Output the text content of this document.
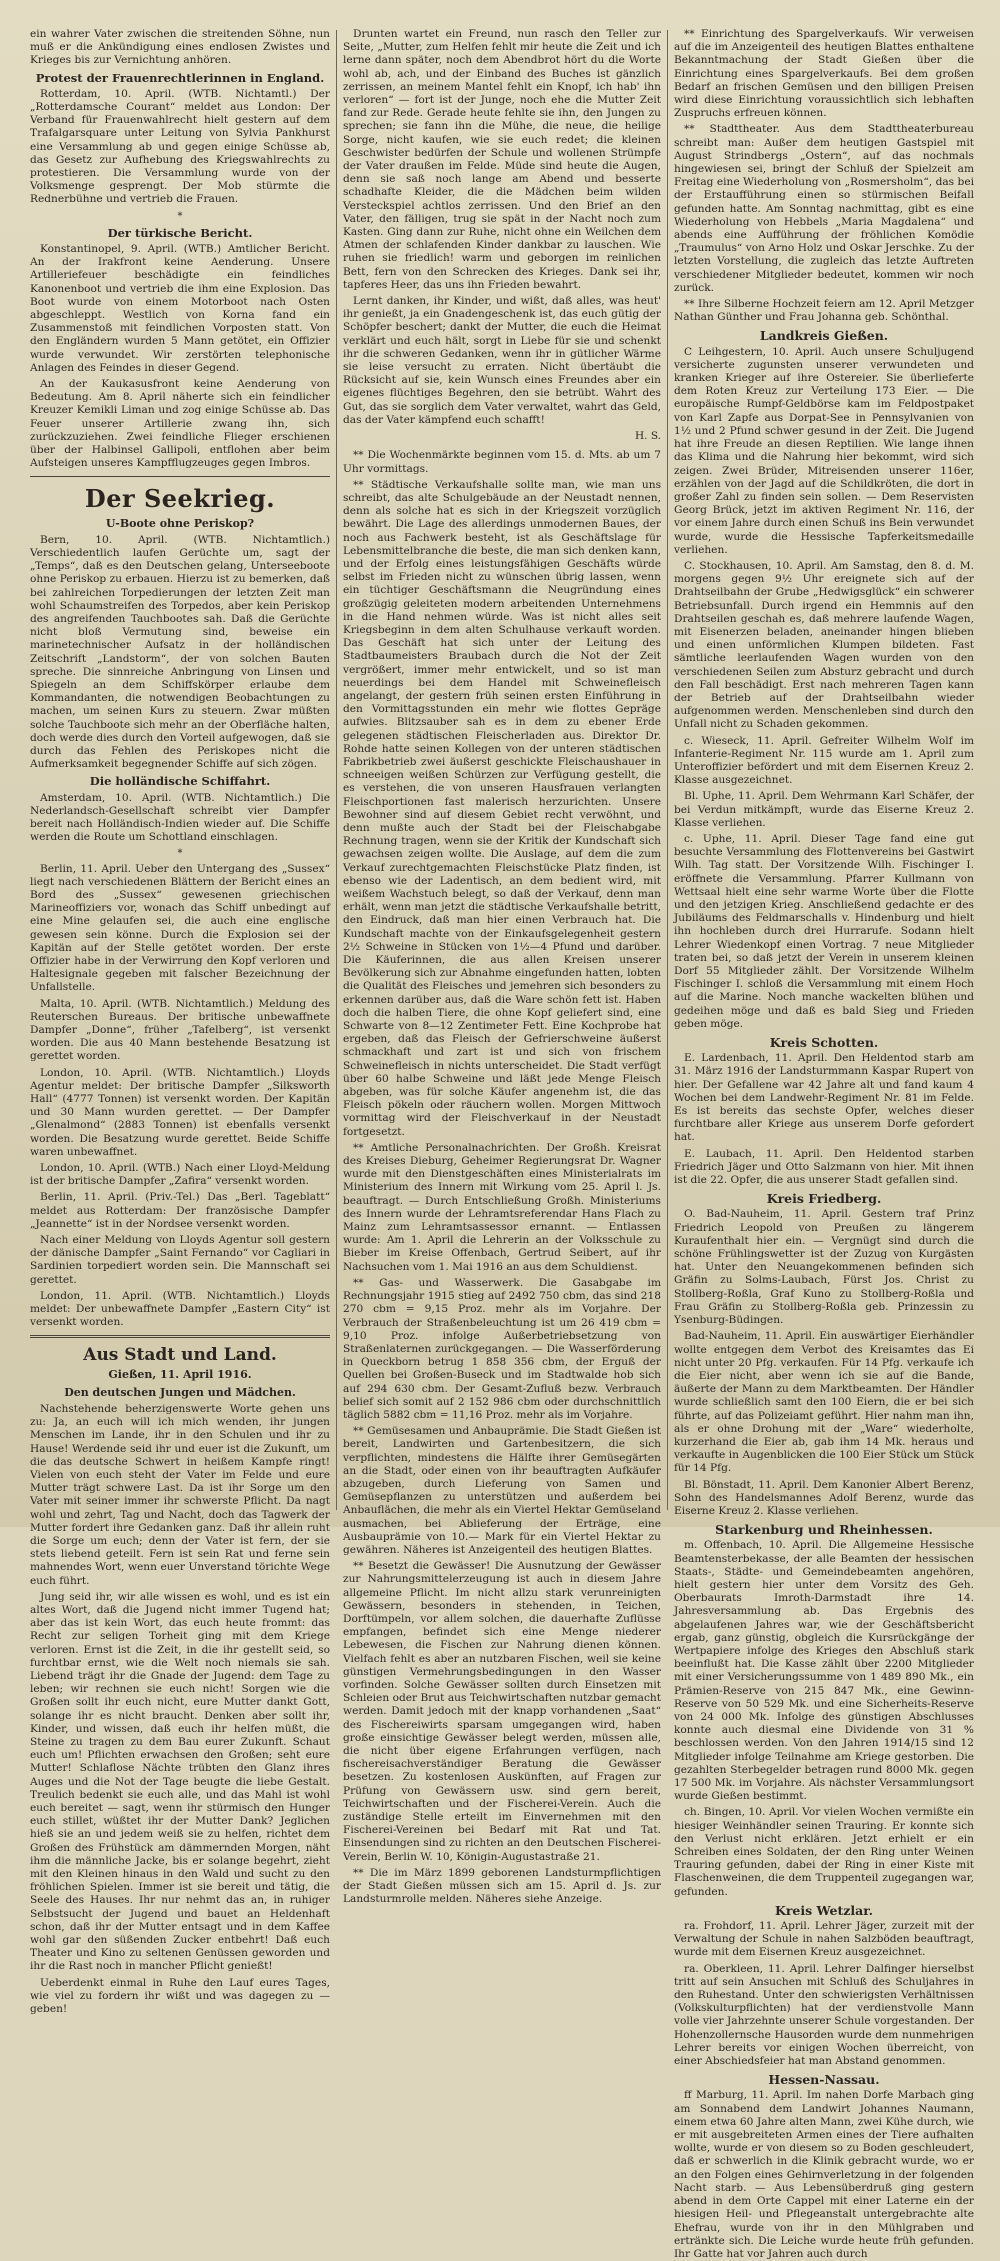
ein wahrer Vater zwischen die streitenden Söhne, nun muß er die Ankündigung eines endlosen Zwistes und Krieges bis zur Vernichtung anhören.

Protest der Frauenrechtlerinnen in England.

Rotterdam, 10. April. (WTB. Nichtamtl.) Der „Rotterdamsche Courant“ meldet aus London: Der Verband für Frauenwahlrecht hielt gestern auf dem Trafalgarsquare unter Leitung von Sylvia Pankhurst eine Versammlung ab und gegen einige Schüsse ab, das Gesetz zur Aufhebung des Kriegswahlrechts zu protestieren. Die Versammlung wurde von der Volksmenge gesprengt. Der Mob stürmte die Rednerbühne und vertrieb die Frauen.

*
Der türkische Bericht.

Konstantinopel, 9. April. (WTB.) Amtlicher Bericht. An der Irakfront keine Aenderung. Unsere Artilleriefeuer beschädigte ein feindliches Kanonenboot und vertrieb die ihm eine Explosion. Das Boot wurde von einem Motorboot nach Osten abgeschleppt. Westlich von Korna fand ein Zusammenstoß mit feindlichen Vorposten statt. Von den Engländern wurden 5 Mann getötet, ein Offizier wurde verwundet. Wir zerstörten telephonische Anlagen des Feindes in dieser Gegend.

An der Kaukasusfront keine Aenderung von Bedeutung. Am 8. April näherte sich ein feindlicher Kreuzer Kemikli Liman und zog einige Schüsse ab. Das Feuer unserer Artillerie zwang ihn, sich zurückzuziehen. Zwei feindliche Flieger erschienen über der Halbinsel Gallipoli, entflohen aber beim Aufsteigen unseres Kampfflugzeuges gegen Imbros.

Der Seekrieg.
U-Boote ohne Periskop?

Bern, 10. April. (WTB. Nichtamtlich.) Verschiedentlich laufen Gerüchte um, sagt der „Temps“, daß es den Deutschen gelang, Unterseeboote ohne Periskop zu erbauen. Hierzu ist zu bemerken, daß bei zahlreichen Torpedierungen der letzten Zeit man wohl Schaumstreifen des Torpedos, aber kein Periskop des angreifenden Tauchbootes sah. Daß die Gerüchte nicht bloß Vermutung sind, beweise ein marinetechnischer Aufsatz in der holländischen Zeitschrift „Landstorm“, der von solchen Bauten spreche. Die sinnreiche Anbringung von Linsen und Spiegeln an dem Schiffskörper erlaube dem Kommandanten, die notwendigen Beobachtungen zu machen, um seinen Kurs zu steuern. Zwar müßten solche Tauchboote sich mehr an der Oberfläche halten, doch werde dies durch den Vorteil aufgewogen, daß sie durch das Fehlen des Periskopes nicht die Aufmerksamkeit begegnender Schiffe auf sich zögen.

Die holländische Schiffahrt.

Amsterdam, 10. April. (WTB. Nichtamtlich.) Die Nederlandsch-Gesellschaft schreibt vier Dampfer bereit nach Holländisch-Indien wieder auf. Die Schiffe werden die Route um Schottland einschlagen.

*

Berlin, 11. April. Ueber den Untergang des „Sussex“ liegt nach verschiedenen Blättern der Bericht eines an Bord des „Sussex“ gewesenen griechischen Marineoffiziers vor, wonach das Schiff unbedingt auf eine Mine gelaufen sei, die auch eine englische gewesen sein könne. Durch die Explosion sei der Kapitän auf der Stelle getötet worden. Der erste Offizier habe in der Verwirrung den Kopf verloren und Haltesignale gegeben mit falscher Bezeichnung der Unfallstelle.

Malta, 10. April. (WTB. Nichtamtlich.) Meldung des Reuterschen Bureaus. Der britische unbewaffnete Dampfer „Donne“, früher „Tafelberg“, ist versenkt worden. Die aus 40 Mann bestehende Besatzung ist gerettet worden.

London, 10. April. (WTB. Nichtamtlich.) Lloyds Agentur meldet: Der britische Dampfer „Silksworth Hall“ (4777 Tonnen) ist versenkt worden. Der Kapitän und 30 Mann wurden gerettet. — Der Dampfer „Glenalmond“ (2883 Tonnen) ist ebenfalls versenkt worden. Die Besatzung wurde gerettet. Beide Schiffe waren unbewaffnet.

London, 10. April. (WTB.) Nach einer Lloyd-Meldung ist der britische Dampfer „Zafira“ versenkt worden.

Berlin, 11. April. (Priv.-Tel.) Das „Berl. Tageblatt“ meldet aus Rotterdam: Der französische Dampfer „Jeannette“ ist in der Nordsee versenkt worden.

Nach einer Meldung von Lloyds Agentur soll gestern der dänische Dampfer „Saint Fernando“ vor Cagliari in Sardinien torpediert worden sein. Die Mannschaft sei gerettet.

London, 11. April. (WTB. Nichtamtlich.) Lloyds meldet: Der unbewaffnete Dampfer „Eastern City“ ist versenkt worden.

Aus Stadt und Land.
Gießen, 11. April 1916.
Den deutschen Jungen und Mädchen.

Nachstehende beherzigenswerte Worte gehen uns zu: Ja, an euch will ich mich wenden, ihr jungen Menschen im Lande, ihr in den Schulen und ihr zu Hause! Werdende seid ihr und euer ist die Zukunft, um die das deutsche Schwert in heißem Kampfe ringt! Vielen von euch steht der Vater im Felde und eure Mutter trägt schwere Last. Da ist ihr Sorge um den Vater mit seiner immer ihr schwerste Pflicht. Da nagt wohl und zehrt, Tag und Nacht, doch das Tagwerk der Mutter fordert ihre Gedanken ganz. Daß ihr allein ruht die Sorge um euch; denn der Vater ist fern, der sie stets liebend geteilt. Fern ist sein Rat und ferne sein mahnendes Wort, wenn euer Unverstand törichte Wege euch führt.

Jung seid ihr, wir alle wissen es wohl, und es ist ein altes Wort, daß die Jugend nicht immer Tugend hat; aber das ist kein Wort, das euch heute frommt: das Recht zur seligen Torheit ging mit dem Kriege verloren. Ernst ist die Zeit, in die ihr gestellt seid, so furchtbar ernst, wie die Welt noch niemals sie sah. Liebend trägt ihr die Gnade der Jugend: dem Tage zu leben; wir rechnen sie euch nicht! Sorgen wie die Großen sollt ihr euch nicht, eure Mutter dankt Gott, solange ihr es nicht braucht. Denken aber sollt ihr, Kinder, und wissen, daß euch ihr helfen müßt, die Steine zu tragen zu dem Bau eurer Zukunft. Schaut euch um! Pflichten erwachsen den Großen; seht eure Mutter! Schlaflose Nächte trübten den Glanz ihres Auges und die Not der Tage beugte die liebe Gestalt. Treulich bedenkt sie euch alle, und das Mahl ist wohl euch bereitet — sagt, wenn ihr stürmisch den Hunger euch stillet, wüßtet ihr der Mutter Dank? Jeglichen hieß sie an und jedem weiß sie zu helfen, richtet dem Großen des Frühstück am dämmernden Morgen, näht ihm die männliche Jacke, bis er solange begehrt, zieht mit den Kleinen hinaus in den Wald und sucht zu den fröhlichen Spielen. Immer ist sie bereit und tätig, die Seele des Hauses. Ihr nur nehmt das an, in ruhiger Selbstsucht der Jugend und bauet an Heldenhaft schon, daß ihr der Mutter entsagt und in dem Kaffee wohl gar den süßenden Zucker entbehrt! Daß euch Theater und Kino zu seltenen Genüssen geworden und ihr die Rast noch in mancher Pflicht genießt!

Ueberdenkt einmal in Ruhe den Lauf eures Tages, wie viel zu fordern ihr wißt und was dagegen zu — geben!

Drunten wartet ein Freund, nun rasch den Teller zur Seite, „Mutter, zum Helfen fehlt mir heute die Zeit und ich lerne dann später, noch dem Abendbrot hört du die Worte wohl ab, ach, und der Einband des Buches ist gänzlich zerrissen, an meinem Mantel fehlt ein Knopf, ich hab' ihn verloren“ — fort ist der Junge, noch ehe die Mutter Zeit fand zur Rede. Gerade heute fehlte sie ihn, den Jungen zu sprechen; sie fann ihn die Mühe, die neue, die heilige Sorge, nicht kaufen, wie sie euch redet; die kleinen Geschwister bedürfen der Schule und wollenen Strümpfe der Vater draußen im Felde. Müde sind heute die Augen, denn sie saß noch lange am Abend und besserte schadhafte Kleider, die die Mädchen beim wilden Versteckspiel achtlos zerrissen. Und den Brief an den Vater, den fälligen, trug sie spät in der Nacht noch zum Kasten. Ging dann zur Ruhe, nicht ohne ein Weilchen dem Atmen der schlafenden Kinder dankbar zu lauschen. Wie ruhen sie friedlich! warm und geborgen im reinlichen Bett, fern von den Schrecken des Krieges. Dank sei ihr, tapferes Heer, das uns ihn Frieden bewahrt.

Lernt danken, ihr Kinder, und wißt, daß alles, was heut' ihr genießt, ja ein Gnadengeschenk ist, das euch gütig der Schöpfer beschert; dankt der Mutter, die euch die Heimat verklärt und euch hält, sorgt in Liebe für sie und schenkt ihr die schweren Gedanken, wenn ihr in gütlicher Wärme sie leise versucht zu erraten. Nicht übertäubt die Rücksicht auf sie, kein Wunsch eines Freundes aber ein eigenes flüchtiges Begehren, den sie betrübt. Wahrt des Gut, das sie sorglich dem Vater verwaltet, wahrt das Geld, das der Vater kämpfend euch schafft!

H. S.

** Die Wochenmärkte beginnen vom 15. d. Mts. ab um 7 Uhr vormittags.

** Städtische Verkaufshalle sollte man, wie man uns schreibt, das alte Schulgebäude an der Neustadt nennen, denn als solche hat es sich in der Kriegszeit vorzüglich bewährt. Die Lage des allerdings unmodernen Baues, der noch aus Fachwerk besteht, ist als Geschäftslage für Lebensmittelbranche die beste, die man sich denken kann, und der Erfolg eines leistungsfähigen Geschäfts würde selbst im Frieden nicht zu wünschen übrig lassen, wenn ein tüchtiger Geschäftsmann die Neugründung eines großzügig geleiteten modern arbeitenden Unternehmens in die Hand nehmen würde. Was ist nicht alles seit Kriegsbeginn in dem alten Schulhause verkauft worden. Das Geschäft hat sich unter der Leitung des Stadtbaumeisters Braubach durch die Not der Zeit vergrößert, immer mehr entwickelt, und so ist man neuerdings bei dem Handel mit Schweinefleisch angelangt, der gestern früh seinen ersten Einführung in den Vormittagsstunden ein mehr wie flottes Gepräge aufwies. Blitzsauber sah es in dem zu ebener Erde gelegenen städtischen Fleischerladen aus. Direktor Dr. Rohde hatte seinen Kollegen von der unteren städtischen Fabrikbetrieb zwei äußerst geschickte Fleischaushauer in schneeigen weißen Schürzen zur Verfügung gestellt, die es verstehen, die von unseren Hausfrauen verlangten Fleischportionen fast malerisch herzurichten. Unsere Bewohner sind auf diesem Gebiet recht verwöhnt, und denn mußte auch der Stadt bei der Fleischabgabe Rechnung tragen, wenn sie der Kritik der Kundschaft sich gewachsen zeigen wollte. Die Auslage, auf dem die zum Verkauf zurechtgemachten Fleischstücke Platz finden, ist ebenso wie der Ladentisch, an dem bedient wird, mit weißem Wachstuch belegt, so daß der Verkauf, denn man erhält, wenn man jetzt die städtische Verkaufshalle betritt, den Eindruck, daß man hier einen Verbrauch hat. Die Kundschaft machte von der Einkaufsgelegenheit gestern 2½ Schweine in Stücken von 1½—4 Pfund und darüber. Die Käuferinnen, die aus allen Kreisen unserer Bevölkerung sich zur Abnahme eingefunden hatten, lobten die Qualität des Fleisches und jemehren sich besonders zu erkennen darüber aus, daß die Ware schön fett ist. Haben doch die halben Tiere, die ohne Kopf geliefert sind, eine Schwarte von 8—12 Zentimeter Fett. Eine Kochprobe hat ergeben, daß das Fleisch der Gefrierschweine äußerst schmackhaft und zart ist und sich von frischem Schweinefleisch in nichts unterscheidet. Die Stadt verfügt über 60 halbe Schweine und läßt jede Menge Fleisch abgeben, was für solche Käufer angenehm ist, die das Fleisch pökeln oder räuchern wollen. Morgen Mittwoch vormittag wird der Fleischverkauf in der Neustadt fortgesetzt.

** Amtliche Personalnachrichten. Der Großh. Kreisrat des Kreises Dieburg, Geheimer Regierungsrat Dr. Wagner wurde mit den Dienstgeschäften eines Ministerialrats im Ministerium des Innern mit Wirkung vom 25. April l. Js. beauftragt. — Durch Entschließung Großh. Ministeriums des Innern wurde der Lehramtsreferendar Hans Flach zu Mainz zum Lehramtsassessor ernannt. — Entlassen wurde: Am 1. April die Lehrerin an der Volksschule zu Bieber im Kreise Offenbach, Gertrud Seibert, auf ihr Nachsuchen vom 1. Mai 1916 an aus dem Schuldienst.

** Gas- und Wasserwerk. Die Gasabgabe im Rechnungsjahr 1915 stieg auf 2492 750 cbm, das sind 218 270 cbm = 9,15 Proz. mehr als im Vorjahre. Der Verbrauch der Straßenbeleuchtung ist um 26 419 cbm = 9,10 Proz. infolge Außerbetriebsetzung von Straßenlaternen zurückgegangen. — Die Wasserförderung in Queckborn betrug 1 858 356 cbm, der Erguß der Quellen bei Großen-Buseck und im Stadtwalde hob sich auf 294 630 cbm. Der Gesamt-Zufluß bezw. Verbrauch belief sich somit auf 2 152 986 cbm oder durchschnittlich täglich 5882 cbm = 11,16 Proz. mehr als im Vorjahre.

** Gemüsesamen und Anbauprämie. Die Stadt Gießen ist bereit, Landwirten und Gartenbesitzern, die sich verpflichten, mindestens die Hälfte ihrer Gemüsegärten an die Stadt, oder einen von ihr beauftragten Aufkäufer abzugeben, durch Lieferung von Samen und Gemüsepflanzen zu unterstützen und außerdem bei Anbauflächen, die mehr als ein Viertel Hektar Gemüseland ausmachen, bei Ablieferung der Erträge, eine Ausbauprämie von 10.— Mark für ein Viertel Hektar zu gewähren. Näheres ist Anzeigenteil des heutigen Blattes.

** Besetzt die Gewässer! Die Ausnutzung der Gewässer zur Nahrungsmittelerzeugung ist auch in diesem Jahre allgemeine Pflicht. Im nicht allzu stark verunreinigten Gewässern, besonders in stehenden, in Teichen, Dorftümpeln, vor allem solchen, die dauerhafte Zuflüsse empfangen, befindet sich eine Menge niederer Lebewesen, die Fischen zur Nahrung dienen können. Vielfach fehlt es aber an nutzbaren Fischen, weil sie keine günstigen Vermehrungsbedingungen in den Wasser vorfinden. Solche Gewässer sollten durch Einsetzen mit Schleien oder Brut aus Teichwirtschaften nutzbar gemacht werden. Damit jedoch mit der knapp vorhandenen „Saat“ des Fischereiwirts sparsam umgegangen wird, haben große einsichtige Gewässer belegt werden, müssen alle, die nicht über eigene Erfahrungen verfügen, nach fischereisachverständiger Beratung die Gewässer besetzen. Zu kostenlosen Auskünften, auf Fragen zur Prüfung von Gewässern usw. sind gern bereit, Teichwirtschaften und der Fischerei-Verein. Auch die zuständige Stelle erteilt im Einvernehmen mit den Fischerei-Vereinen bei Bedarf mit Rat und Tat. Einsendungen sind zu richten an den Deutschen Fischerei-Verein, Berlin W. 10, Königin-Augustastraße 21.

** Die im März 1899 geborenen Landsturmpflichtigen der Stadt Gießen müssen sich am 15. April d. Js. zur Landsturmrolle melden. Näheres siehe Anzeige.

** Einrichtung des Spargelverkaufs. Wir verweisen auf die im Anzeigenteil des heutigen Blattes enthaltene Bekanntmachung der Stadt Gießen über die Einrichtung eines Spargelverkaufs. Bei dem großen Bedarf an frischen Gemüsen und den billigen Preisen wird diese Einrichtung voraussichtlich sich lebhaften Zuspruchs erfreuen können.

** Stadttheater. Aus dem Stadttheaterbureau schreibt man: Außer dem heutigen Gastspiel mit August Strindbergs „Ostern“, auf das nochmals hingewiesen sei, bringt der Schluß der Spielzeit am Freitag eine Wiederholung von „Rosmersholm“, das bei der Erstaufführung einen so stürmischen Beifall gefunden hatte. Am Sonntag nachmittag, gibt es eine Wiederholung von Hebbels „Maria Magdalena“ und abends eine Aufführung der fröhlichen Komödie „Traumulus“ von Arno Holz und Oskar Jerschke. Zu der letzten Vorstellung, die zugleich das letzte Auftreten verschiedener Mitglieder bedeutet, kommen wir noch zurück.

** Ihre Silberne Hochzeit feiern am 12. April Metzger Nathan Günther und Frau Johanna geb. Schönthal.

Landkreis Gießen.

C Leihgestern, 10. April. Auch unsere Schuljugend versicherte zugunsten unserer verwundeten und kranken Krieger auf ihre Ostereier. Sie überlieferte dem Roten Kreuz zur Verteilung 173 Eier. — Die europäische Rumpf-Geldbörse kam im Feldpostpaket von Karl Zapfe aus Dorpat-See in Pennsylvanien von 1½ und 2 Pfund schwer gesund in der Zeit. Die Jugend hat ihre Freude an diesen Reptilien. Wie lange ihnen das Klima und die Nahrung hier bekommt, wird sich zeigen. Zwei Brüder, Mitreisenden unserer 116er, erzählen von der Jagd auf die Schildkröten, die dort in großer Zahl zu finden sein sollen. — Dem Reservisten Georg Brück, jetzt im aktiven Regiment Nr. 116, der vor einem Jahre durch einen Schuß ins Bein verwundet wurde, wurde die Hessische Tapferkeitsmedaille verliehen.

C. Stockhausen, 10. April. Am Samstag, den 8. d. M. morgens gegen 9½ Uhr ereignete sich auf der Drahtseilbahn der Grube „Hedwigsglück“ ein schwerer Betriebsunfall. Durch irgend ein Hemmnis auf den Drahtseilen geschah es, daß mehrere laufende Wagen, mit Eisenerzen beladen, aneinander hingen blieben und einen unförmlichen Klumpen bildeten. Fast sämtliche leerlaufenden Wagen wurden von den verschiedenen Seilen zum Absturz gebracht und durch den Fall beschädigt. Erst nach mehreren Tagen kann der Betrieb auf der Drahtseilbahn wieder aufgenommen werden. Menschenleben sind durch den Unfall nicht zu Schaden gekommen.

c. Wieseck, 11. April. Gefreiter Wilhelm Wolf im Infanterie-Regiment Nr. 115 wurde am 1. April zum Unteroffizier befördert und mit dem Eisernen Kreuz 2. Klasse ausgezeichnet.

Bl. Uphe, 11. April. Dem Wehrmann Karl Schäfer, der bei Verdun mitkämpft, wurde das Eiserne Kreuz 2. Klasse verliehen.

c. Uphe, 11. April. Dieser Tage fand eine gut besuchte Versammlung des Flottenvereins bei Gastwirt Wilh. Tag statt. Der Vorsitzende Wilh. Fischinger I. eröffnete die Versammlung. Pfarrer Kullmann von Wettsaal hielt eine sehr warme Worte über die Flotte und den jetzigen Krieg. Anschließend gedachte er des Jubiläums des Feldmarschalls v. Hindenburg und hielt ihn hochleben durch drei Hurrarufe. Sodann hielt Lehrer Wiedenkopf einen Vortrag. 7 neue Mitglieder traten bei, so daß jetzt der Verein in unserem kleinen Dorf 55 Mitglieder zählt. Der Vorsitzende Wilhelm Fischinger I. schloß die Versammlung mit einem Hoch auf die Marine. Noch manche wackelten blühen und gedeihen möge und daß es bald Sieg und Frieden geben möge.

Kreis Schotten.

E. Lardenbach, 11. April. Den Heldentod starb am 31. März 1916 der Landsturmmann Kaspar Rupert von hier. Der Gefallene war 42 Jahre alt und fand kaum 4 Wochen bei dem Landwehr-Regiment Nr. 81 im Felde. Es ist bereits das sechste Opfer, welches dieser furchtbare aller Kriege aus unserem Dorfe gefordert hat.

E. Laubach, 11. April. Den Heldentod starben Friedrich Jäger und Otto Salzmann von hier. Mit ihnen ist die 22. Opfer, die aus unserer Stadt gefallen sind.

Kreis Friedberg.

O. Bad-Nauheim, 11. April. Gestern traf Prinz Friedrich Leopold von Preußen zu längerem Kuraufenthalt hier ein. — Vergnügt sind durch die schöne Frühlingswetter ist der Zuzug von Kurgästen hat. Unter den Neuangekommenen befinden sich Gräfin zu Solms-Laubach, Fürst Jos. Christ zu Stollberg-Roßla, Graf Kuno zu Stollberg-Roßla und Frau Gräfin zu Stollberg-Roßla geb. Prinzessin zu Ysenburg-Büdingen.

Bad-Nauheim, 11. April. Ein auswärtiger Eierhändler wollte entgegen dem Verbot des Kreisamtes das Ei nicht unter 20 Pfg. verkaufen. Für 14 Pfg. verkaufe ich die Eier nicht, aber wenn ich sie auf die Bande, äußerte der Mann zu dem Marktbeamten. Der Händler wurde schließlich samt den 100 Eiern, die er bei sich führte, auf das Polizeiamt geführt. Hier nahm man ihn, als er ohne Drohung mit der „Ware“ wiederholte, kurzerhand die Eier ab, gab ihm 14 Mk. heraus und verkaufte in Augenblicken die 100 Eier Stück um Stück für 14 Pfg.

Bl. Bönstadt, 11. April. Dem Kanonier Albert Berenz, Sohn des Handelsmannes Adolf Berenz, wurde das Eiserne Kreuz 2. Klasse verliehen.

Starkenburg und Rheinhessen.

m. Offenbach, 10. April. Die Allgemeine Hessische Beamtensterbekasse, der alle Beamten der hessischen Staats-, Städte- und Gemeindebeamten angehören, hielt gestern hier unter dem Vorsitz des Geh. Oberbaurats Imroth-Darmstadt ihre 14. Jahresversammlung ab. Das Ergebnis des abgelaufenen Jahres war, wie der Geschäftsbericht ergab, ganz günstig, obgleich die Kursrückgänge der Wertpapiere infolge des Krieges den Abschluß stark beeinflußt hat. Die Kasse zählt über 2200 Mitglieder mit einer Versicherungssumme von 1 489 890 Mk., ein Prämien-Reserve von 215 847 Mk., eine Gewinn-Reserve von 50 529 Mk. und eine Sicherheits-Reserve von 24 000 Mk. Infolge des günstigen Abschlusses konnte auch diesmal eine Dividende von 31 % beschlossen werden. Von den Jahren 1914/15 sind 12 Mitglieder infolge Teilnahme am Kriege gestorben. Die gezahlten Sterbegelder betragen rund 8000 Mk. gegen 17 500 Mk. im Vorjahre. Als nächster Versammlungsort wurde Gießen bestimmt.

ch. Bingen, 10. April. Vor vielen Wochen vermißte ein hiesiger Weinhändler seinen Trauring. Er konnte sich den Verlust nicht erklären. Jetzt erhielt er ein Schreiben eines Soldaten, der den Ring unter Weinen Trauring gefunden, dabei der Ring in einer Kiste mit Flaschenweinen, die dem Truppenteil zugegangen war, gefunden.

Kreis Wetzlar.

ra. Frohdorf, 11. April. Lehrer Jäger, zurzeit mit der Verwaltung der Schule in nahen Salzböden beauftragt, wurde mit dem Eisernen Kreuz ausgezeichnet.

ra. Oberkleen, 11. April. Lehrer Dalfinger hierselbst tritt auf sein Ansuchen mit Schluß des Schuljahres in den Ruhestand. Unter den schwierigsten Verhältnissen (Volkskulturpflichten) hat der verdienstvolle Mann volle vier Jahrzehnte unserer Schule vorgestanden. Der Hohenzollernsche Hausorden wurde dem nunmehrigen Lehrer bereits vor einigen Wochen überreicht, von einer Abschiedsfeier hat man Abstand genommen.

Hessen-Nassau.

ff Marburg, 11. April. Im nahen Dorfe Marbach ging am Sonnabend dem Landwirt Johannes Naumann, einem etwa 60 Jahre alten Mann, zwei Kühe durch, wie er mit ausgebreiteten Armen eines der Tiere aufhalten wollte, wurde er von diesem so zu Boden geschleudert, daß er schwerlich in die Klinik gebracht wurde, wo er an den Folgen eines Gehirnverletzung in der folgenden Nacht starb. — Aus Lebensüberdruß ging gestern abend in dem Orte Cappel mit einer Laterne ein der hiesigen Heil- und Pflegeanstalt untergebrachte alte Ehefrau, wurde von ihr in den Mühlgraben und ertränkte sich. Die Leiche wurde heute früh gefunden. Ihr Gatte hat vor Jahren auch durch
